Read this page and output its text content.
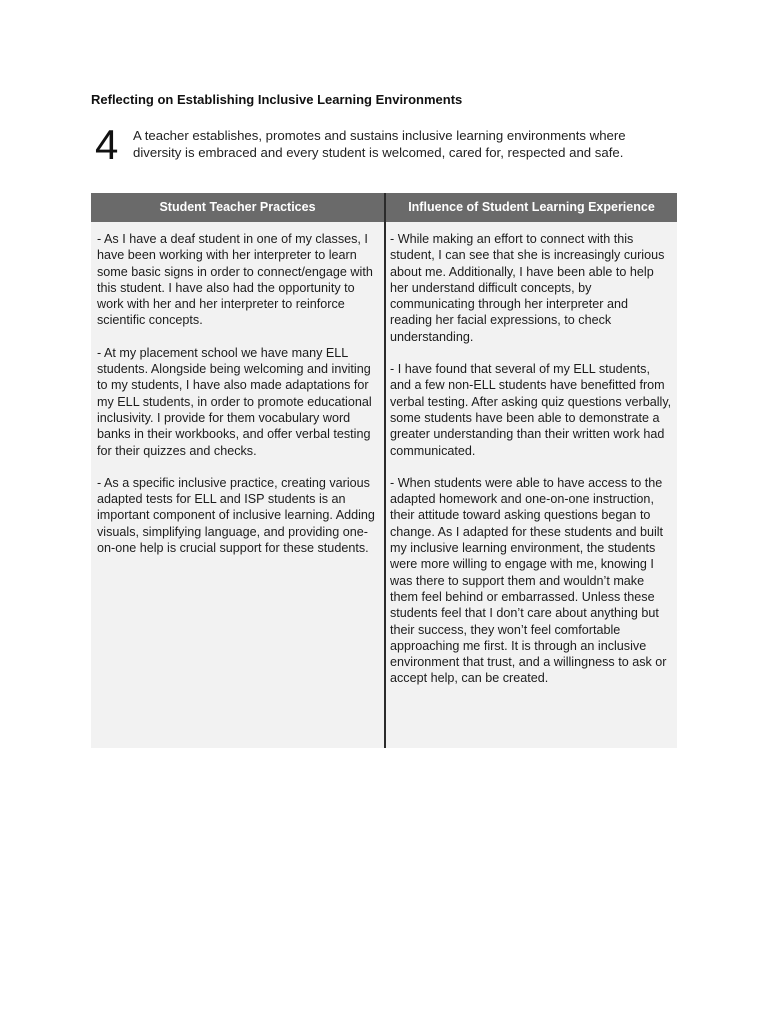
Reflecting on Establishing Inclusive Learning Environments
4 A teacher establishes, promotes and sustains inclusive learning environments where diversity is embraced and every student is welcomed, cared for, respected and safe.
Student Teacher Practices	Influence of Student Learning Experience

- As I have a deaf student in one of my classes, I have been working with her interpreter to learn some basic signs in order to connect/engage with this student. I have also had the opportunity to work with her and her interpreter to reinforce scientific concepts.

- At my placement school we have many ELL students. Alongside being welcoming and inviting to my students, I have also made adaptations for my ELL students, in order to promote educational inclusivity. I provide for them vocabulary word banks in their workbooks, and offer verbal testing for their quizzes and checks.

- As a specific inclusive practice, creating various adapted tests for ELL and ISP students is an important component of inclusive learning. Adding visuals, simplifying language, and providing one-on-one help is crucial support for these students.

- While making an effort to connect with this student, I can see that she is increasingly curious about me. Additionally, I have been able to help her understand difficult concepts, by communicating through her interpreter and reading her facial expressions, to check understanding.

- I have found that several of my ELL students, and a few non-ELL students have benefitted from verbal testing. After asking quiz questions verbally, some students have been able to demonstrate a greater understanding than their written work had communicated.

- When students were able to have access to the adapted homework and one-on-one instruction, their attitude toward asking questions began to change. As I adapted for these students and built my inclusive learning environment, the students were more willing to engage with me, knowing I was there to support them and wouldn’t make them feel behind or embarrassed. Unless these students feel that I don’t care about anything but their success, they won’t feel comfortable approaching me first. It is through an inclusive environment that trust, and a willingness to ask or accept help, can be created.
